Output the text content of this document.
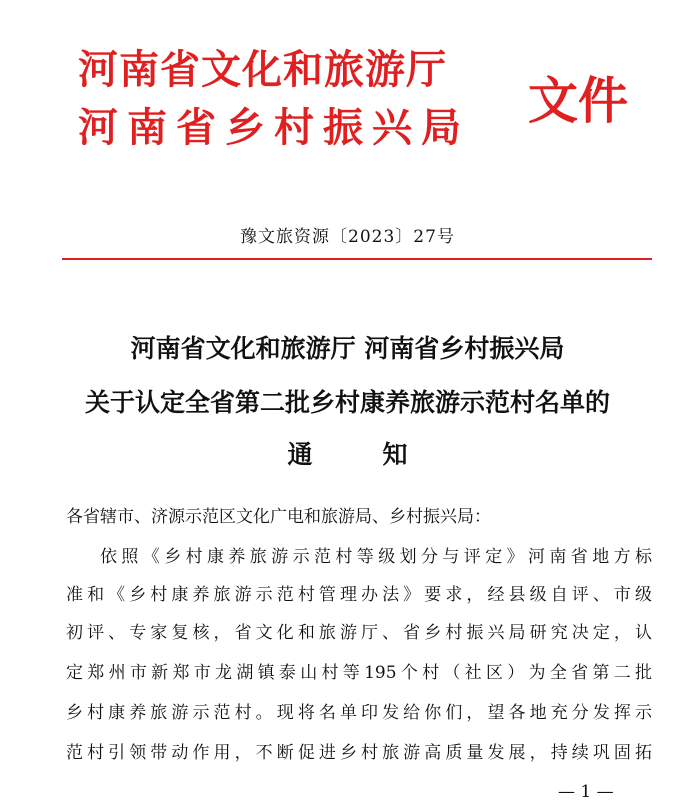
河南省文化和旅游厅
河南省乡村振兴局 文件
豫文旅资源〔2023〕27号
河南省文化和旅游厅 河南省乡村振兴局
关于认定全省第二批乡村康养旅游示范村名单的
通知
各省辖市、济源示范区文化广电和旅游局、乡村振兴局：
依照《乡村康养旅游示范村等级划分与评定》河南省地方标
准和《乡村康养旅游示范村管理办法》要求，经县级自评、市级
初评、专家复核，省文化和旅游厅、省乡村振兴局研究决定，认
定郑州市新郑市龙湖镇泰山村等195个村（社区）为全省第二批
乡村康养旅游示范村。现将名单印发给你们，望各地充分发挥示
范村引领带动作用，不断促进乡村旅游高质量发展，持续巩固拓
— 1 —
